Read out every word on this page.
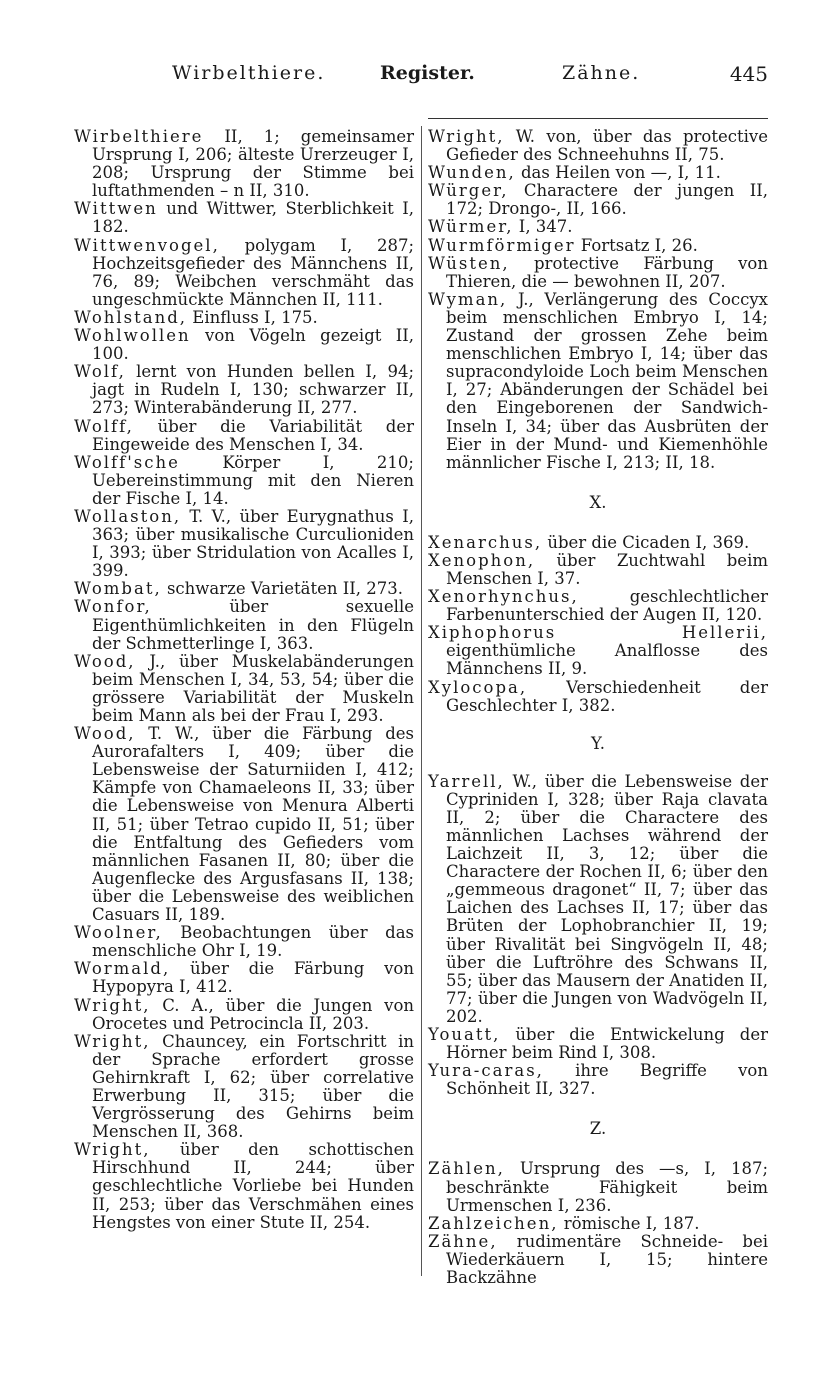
Wirbelthiere.	Register.	Zähne.	445

Wirbelthiere II, 1; gemeinsamer Ursprung I, 206; älteste Urerzeuger I, 208; Ursprung der Stimme bei luftathmenden – n II, 310.

Wittwen und Wittwer, Sterblichkeit I, 182.

Wittwenvogel, polygam I, 287; Hochzeitsgefieder des Männchens II, 76, 89; Weibchen verschmäht das ungeschmückte Männchen II, 111.

Wohlstand, Einfluss I, 175.

Wohlwollen von Vögeln gezeigt II, 100.

Wolf, lernt von Hunden bellen I, 94; jagt in Rudeln I, 130; schwarzer II, 273; Winterabänderung II, 277.

Wolff, über die Variabilität der Eingeweide des Menschen I, 34.

Wolff'sche	Körper I, 210; Uebereinstimmung mit den Nieren der Fische I, 14.

Wollaston, T. V., über Eurygnathus I, 363; über musikalische Curculioniden I, 393; über Stridulation von Acalles I, 399.

Wombat, schwarze Varietäten II, 273.

Wonfor,	über sexuelle Eigenthümlichkeiten in den Flügeln der Schmetterlinge I, 363.

Wood, J., über Muskelabänderungen beim Menschen I, 34, 53, 54; über die grössere Variabilität der Muskeln beim Mann als bei der Frau I, 293.

Wood, T. W., über die Färbung des Aurorafalters I, 409; über die Lebensweise der Saturniiden I, 412; Kämpfe von Chamaeleons II, 33; über die Lebensweise von Menura Alberti II, 51; über Tetrao cupido II, 51; über die Entfaltung des Gefieders vom männlichen Fasanen II, 80; über die Augenflecke des Argusfasans II, 138; über die Lebensweise des weiblichen Casuars II, 189.

Woolner, Beobachtungen über das menschliche Ohr I, 19.

Wormald, über die Färbung von Hypopyra I, 412.

Wright, C. A., über die Jungen von Orocetes und Petrocincla II, 203.

Wright, Chauncey, ein Fortschritt in der Sprache erfordert grosse Gehirnkraft I, 62; über correlative Erwerbung II, 315; über die Vergrösserung des Gehirns beim Menschen II, 368.

Wright, über den schottischen Hirschhund II, 244; über geschlechtliche Vorliebe bei Hunden II, 253; über das Verschmähen eines Hengstes von einer Stute II, 254.

Wright, W. von, über das protective Gefieder des Schneehuhns II, 75.

Wunden, das Heilen von —, I, 11.

Würger, Charactere der jungen II, 172; Drongo-, II, 166.

Würmer, I, 347.

Wurmförmiger Fortsatz I, 26.

Wüsten, protective Färbung von Thieren, die — bewohnen II, 207.

Wyman, J., Verlängerung des Coccyx beim menschlichen Embryo I, 14; Zustand der grossen Zehe beim menschlichen Embryo I, 14; über das supracondyloide Loch beim Menschen I, 27; Abänderungen der Schädel bei den Eingeborenen der Sandwich-Inseln I, 34; über das Ausbrüten der Eier in der Mund- und Kiemenhöhle männlicher Fische I, 213; II, 18.

X.

Xenarchus, über die Cicaden I, 369.

Xenophon, über Zuchtwahl beim Menschen I, 37.

Xenorhynchus,	geschlechtlicher Farbenunterschied der Augen II, 120.

Xiphophorus Hellerii, eigenthümliche Analflosse des Männchens II, 9.

Xylocopa, Verschiedenheit der Geschlechter I, 382.

Y.

Yarrell, W., über die Lebensweise der Cypriniden I, 328; über Raja clavata II, 2; über die Charactere des männlichen Lachses während der Laichzeit II, 3, 12; über die Charactere der Rochen II, 6; über den „gemmeous dragonet“ II, 7; über das Laichen des Lachses II, 17; über das Brüten der Lophobranchier II, 19; über Rivalität bei Singvögeln II, 48; über die Luftröhre des Schwans II, 55; über das Mausern der Anatiden II, 77; über die Jungen von Wadvögeln II, 202.

Youatt, über die Entwickelung der Hörner beim Rind I, 308.

Yura-caras, ihre Begriffe von Schönheit II, 327.

Z.

Zählen, Ursprung des —s, I, 187; beschränkte Fähigkeit beim Urmenschen I, 236.

Zahlzeichen, römische I, 187.

Zähne, rudimentäre Schneide- bei Wiederkäuern I, 15; hintere Backzähne
